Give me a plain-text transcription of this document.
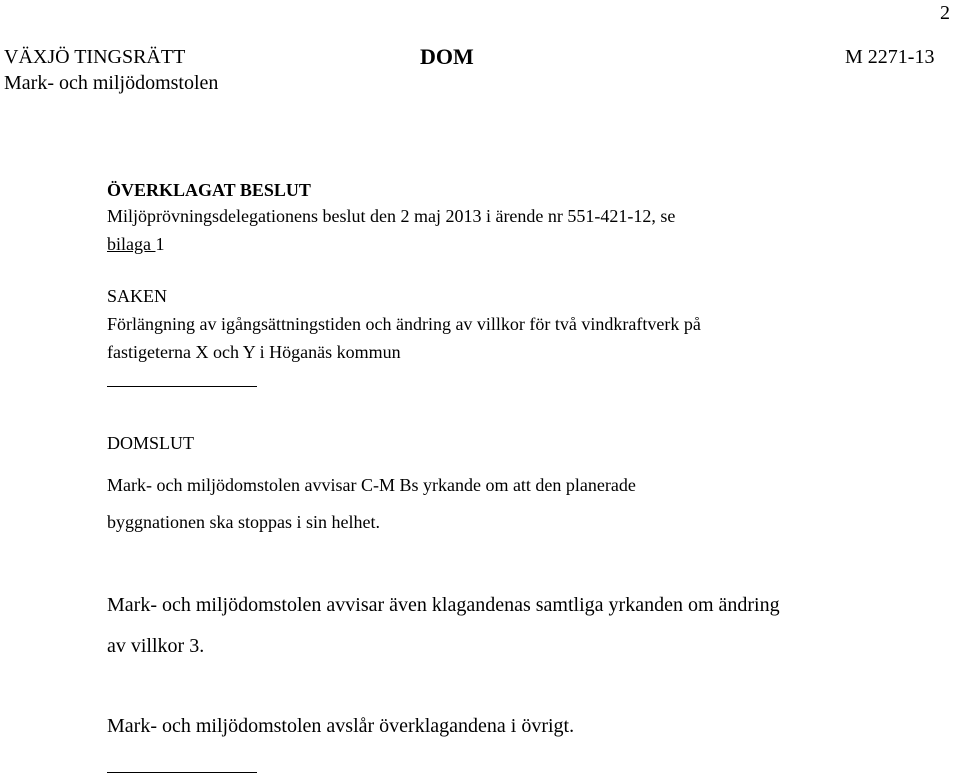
2
VÄXJÖ TINGSRÄTT
Mark- och miljödomstolen
DOM	M 2271-13
ÖVERKLAGAT BESLUT
Miljöprövningsdelegationens beslut den 2 maj 2013 i ärende nr 551-421-12, se
bilaga 1
SAKEN
Förlängning av igångsättningstiden och ändring av villkor för två vindkraftverk på
fastigeterna X och Y i Höganäs kommun
DOMSLUT
Mark- och miljödomstolen avvisar C-M Bs yrkande om att den planerade
byggnationen ska stoppas i sin helhet.
Mark- och miljödomstolen avvisar även klagandenas samtliga yrkanden om ändring
av villkor 3.
Mark- och miljödomstolen avslår överklagandena i övrigt.
